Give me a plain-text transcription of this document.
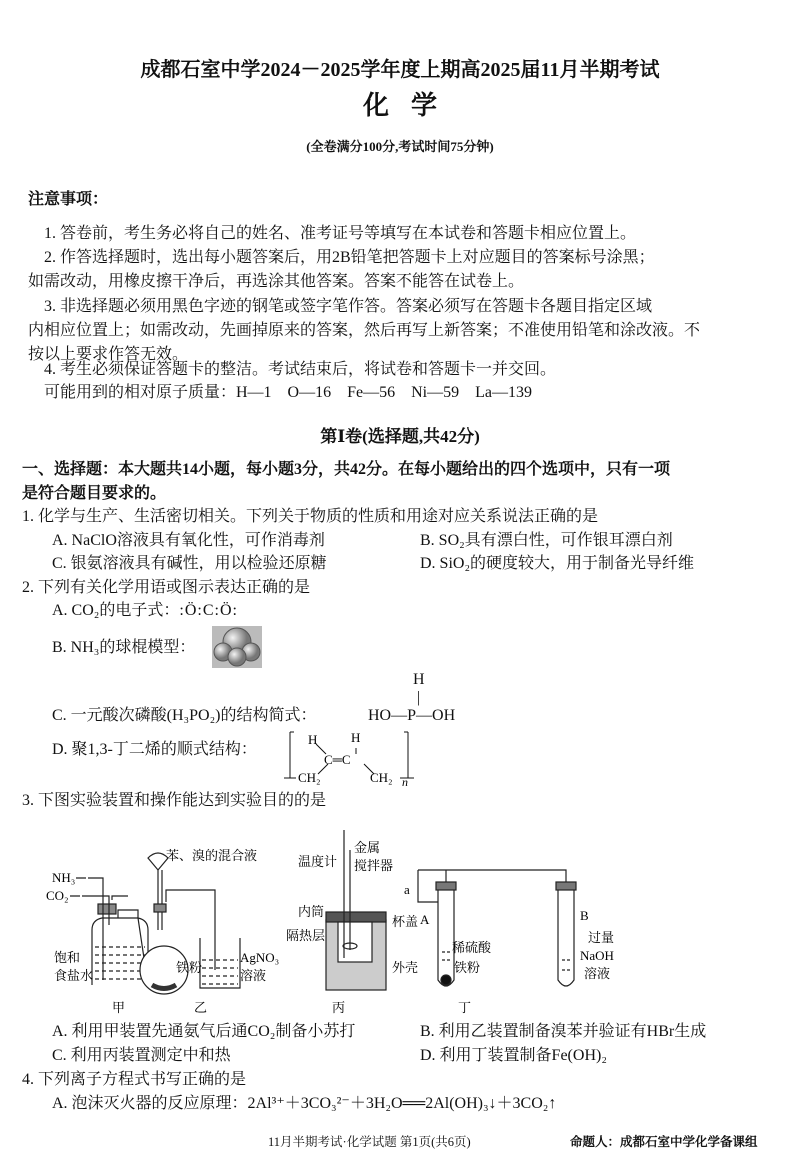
成都石室中学2024－2025学年度上期高2025届11月半期考试
化学
(全卷满分100分,考试时间75分钟)
注意事项：
1. 答卷前，考生务必将自己的姓名、准考证号等填写在本试卷和答题卡相应位置上。
2. 作答选择题时，选出每小题答案后，用2B铅笔把答题卡上对应题目的答案标号涂黑；
如需改动，用橡皮擦干净后，再选涂其他答案。答案不能答在试卷上。
3. 非选择题必须用黑色字迹的钢笔或签字笔作答。答案必须写在答题卡各题目指定区域
内相应位置上；如需改动，先画掉原来的答案，然后再写上新答案；不准使用铅笔和涂改液。不
按以上要求作答无效。
4. 考生必须保证答题卡的整洁。考试结束后，将试卷和答题卡一并交回。
可能用到的相对原子质量：H—1　O—16　Fe—56　Ni—59　La—139
第Ⅰ卷(选择题,共42分)
一、选择题：本大题共14小题，每小题3分，共42分。在每小题给出的四个选项中，只有一项
是符合题目要求的。
1. 化学与生产、生活密切相关。下列关于物质的性质和用途对应关系说法正确的是
A. NaClO溶液具有氧化性，可作消毒剂	B. SO₂具有漂白性，可作银耳漂白剂
C. 银氨溶液具有碱性，用以检验还原糖	D. SiO₂的硬度较大，用于制备光导纤维
2. 下列有关化学用语或图示表达正确的是
A. CO₂的电子式：:Ö:C:Ö:
B. NH₃的球棍模型：
C. 一元酸次磷酸(H₃PO₂)的结构简式：
H
|
HO—P—OH
D. 聚1,3-丁二烯的顺式结构：
H	H
C═C
CH₂	CH₂ n
3. 下图实验装置和操作能达到实验目的的是
NH₃
CO₂
饱和
食盐水
甲
苯、溴的混合液
铁粉
AgNO₃
溶液
乙
温度计
金属
搅拌器
内筒
杯盖
隔热层
外壳
丙
a
A	B
稀硫酸
铁粉
过量
NaOH
溶液
丁
A. 利用甲装置先通氨气后通CO₂制备小苏打	B. 利用乙装置制备溴苯并验证有HBr生成
C. 利用丙装置测定中和热	D. 利用丁装置制备Fe(OH)₂
4. 下列离子方程式书写正确的是
A. 泡沫灭火器的反应原理：2Al³⁺＋3CO₃²⁻＋3H₂O══2Al(OH)₃↓＋3CO₂↑
11月半期考试·化学试题 第1页(共6页)	命题人：成都石室中学化学备课组
